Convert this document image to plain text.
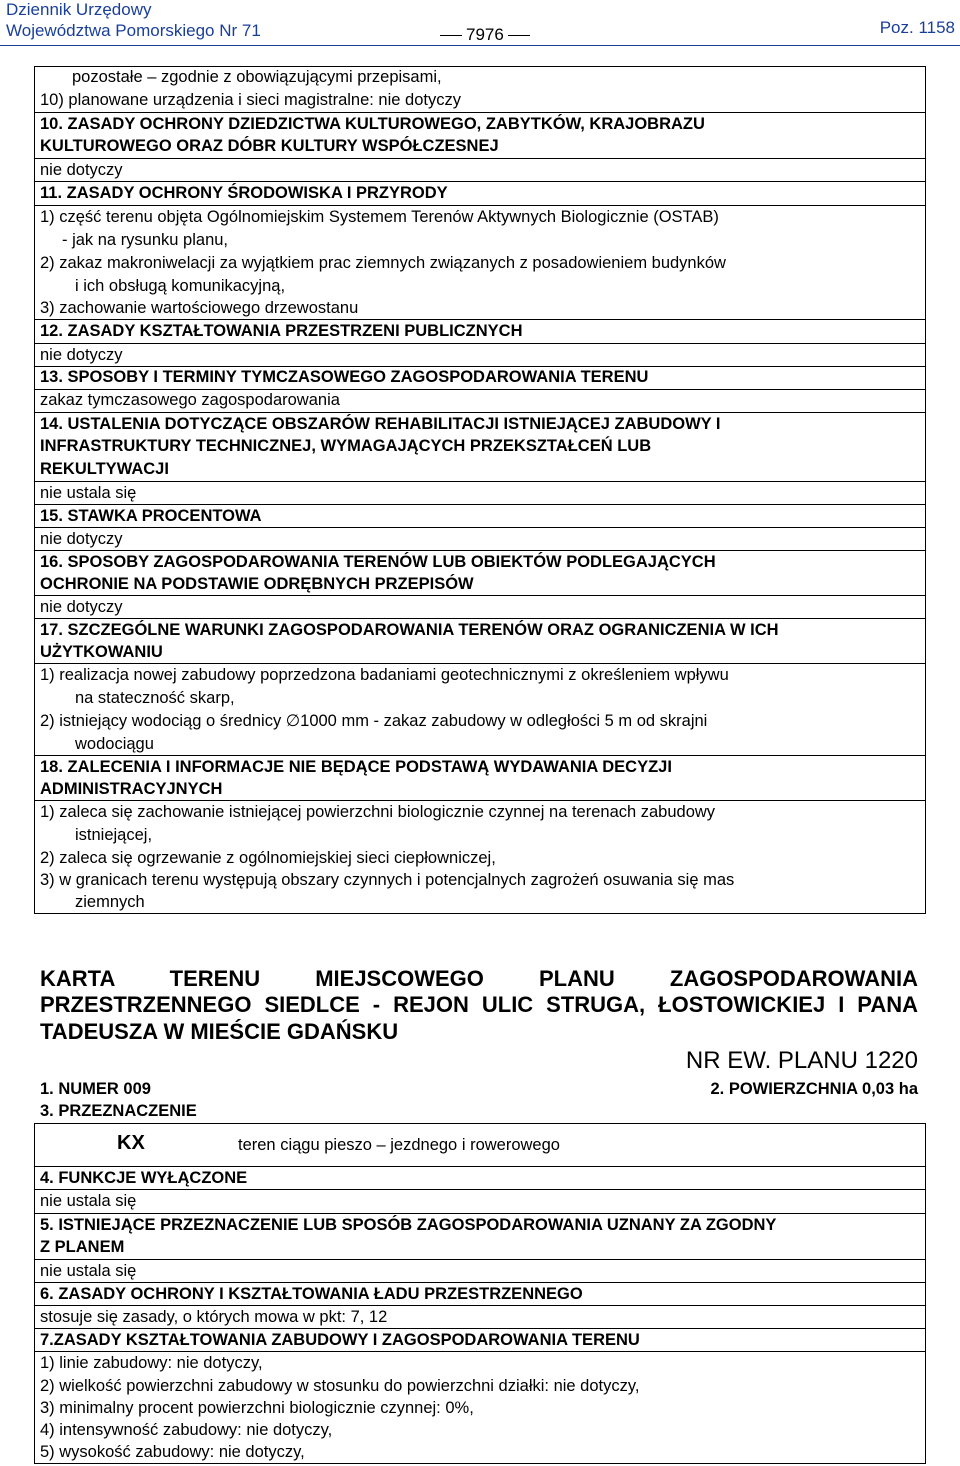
Dziennik Urzędowy
Województwa Pomorskiego Nr 71	7976	Poz. 1158
pozostałe – zgodnie z obowiązującymi przepisami,
10) planowane urządzenia i sieci magistralne: nie dotyczy
10. ZASADY OCHRONY DZIEDZICTWA KULTUROWEGO, ZABYTKÓW, KRAJOBRAZU
KULTUROWEGO ORAZ DÓBR KULTURY WSPÓŁCZESNEJ
nie dotyczy
11. ZASADY OCHRONY ŚRODOWISKA I PRZYRODY
1) część terenu objęta Ogólnomiejskim Systemem Terenów Aktywnych Biologicznie (OSTAB)
- jak na rysunku planu,
2) zakaz makroniwelacji za wyjątkiem prac ziemnych związanych z posadowieniem budynków
i ich obsługą komunikacyjną,
3) zachowanie wartościowego drzewostanu
12. ZASADY KSZTAŁTOWANIA PRZESTRZENI PUBLICZNYCH
nie dotyczy
13. SPOSOBY I TERMINY TYMCZASOWEGO ZAGOSPODAROWANIA TERENU
zakaz tymczasowego zagospodarowania
14. USTALENIA DOTYCZĄCE OBSZARÓW REHABILITACJI ISTNIEJĄCEJ ZABUDOWY I
INFRASTRUKTURY TECHNICZNEJ, WYMAGAJĄCYCH PRZEKSZTAŁCEŃ LUB
REKULTYWACJI
nie ustala się
15. STAWKA PROCENTOWA
nie dotyczy
16. SPOSOBY ZAGOSPODAROWANIA TERENÓW LUB OBIEKTÓW PODLEGAJĄCYCH
OCHRONIE NA PODSTAWIE ODRĘBNYCH PRZEPISÓW
nie dotyczy
17. SZCZEGÓLNE WARUNKI ZAGOSPODAROWANIA TERENÓW ORAZ OGRANICZENIA W ICH
UŻYTKOWANIU
1) realizacja nowej zabudowy poprzedzona badaniami geotechnicznymi z określeniem wpływu
na stateczność skarp,
2) istniejący wodociąg o średnicy ∅1000 mm - zakaz zabudowy w odległości 5 m od skrajni
wodociągu
18. ZALECENIA I INFORMACJE NIE BĘDĄCE PODSTAWĄ WYDAWANIA DECYZJI
ADMINISTRACYJNYCH
1) zaleca się zachowanie istniejącej powierzchni biologicznie czynnej na terenach zabudowy
istniejącej,
2) zaleca się ogrzewanie z ogólnomiejskiej sieci ciepłowniczej,
3) w granicach terenu występują obszary czynnych i potencjalnych zagrożeń osuwania się mas
ziemnych
KARTA TERENU MIEJSCOWEGO PLANU ZAGOSPODAROWANIA
PRZESTRZENNEGO SIEDLCE - REJON ULIC STRUGA, ŁOSTOWICKIEJ I PANA
TADEUSZA W MIEŚCIE GDAŃSKU
NR EW. PLANU 1220
1. NUMER 009	2. POWIERZCHNIA 0,03 ha
3. PRZEZNACZENIE
KX	teren ciągu pieszo – jezdnego i rowerowego
4. FUNKCJE WYŁĄCZONE
nie ustala się
5. ISTNIEJĄCE PRZEZNACZENIE LUB SPOSÓB ZAGOSPODAROWANIA UZNANY ZA ZGODNY
Z PLANEM
nie ustala się
6. ZASADY OCHRONY I KSZTAŁTOWANIA ŁADU PRZESTRZENNEGO
stosuje się zasady, o których mowa w pkt: 7, 12
7.ZASADY KSZTAŁTOWANIA ZABUDOWY I ZAGOSPODAROWANIA TERENU
1) linie zabudowy: nie dotyczy,
2) wielkość powierzchni zabudowy w stosunku do powierzchni działki: nie dotyczy,
3) minimalny procent powierzchni biologicznie czynnej: 0%,
4) intensywność zabudowy: nie dotyczy,
5) wysokość zabudowy: nie dotyczy,
